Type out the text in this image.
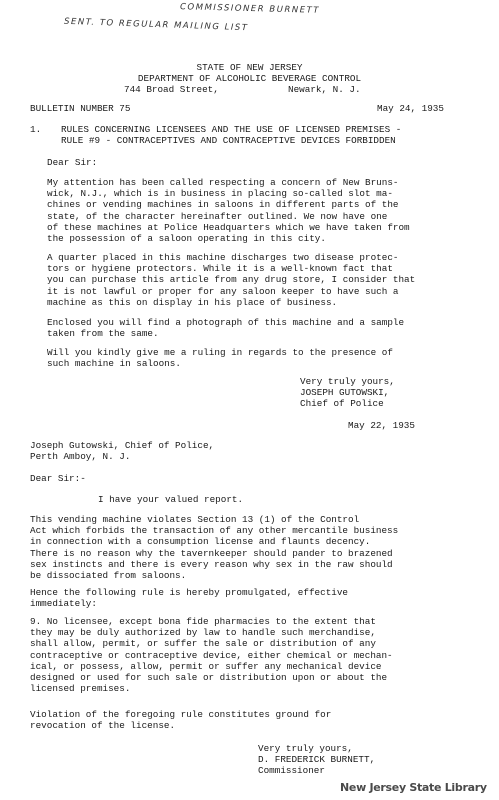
COMMISSIONER BURNETT
SENT. TO REGULAR MAILING LIST
STATE OF NEW JERSEY
DEPARTMENT OF ALCOHOLIC BEVERAGE CONTROL
744 Broad Street,	Newark, N. J.
BULLETIN NUMBER 75	May 24, 1935
1. RULES CONCERNING LICENSEES AND THE USE OF LICENSED PREMISES -
RULE #9 - CONTRACEPTIVES AND CONTRACEPTIVE DEVICES FORBIDDEN
Dear Sir:
My attention has been called respecting a concern of New Bruns-
wick, N.J., which is in business in placing so-called slot ma-
chines or vending machines in saloons in different parts of the
state, of the character hereinafter outlined. We now have one
of these machines at Police Headquarters which we have taken from
the possession of a saloon operating in this city.
A quarter placed in this machine discharges two disease protec-
tors or hygiene protectors. While it is a well-known fact that
you can purchase this article from any drug store, I consider that
it is not lawful or proper for any saloon keeper to have such a
machine as this on display in his place of business.
Enclosed you will find a photograph of this machine and a sample
taken from the same.
Will you kindly give me a ruling in regards to the presence of
such machine in saloons.
Very truly yours,
JOSEPH GUTOWSKI,
Chief of Police
May 22, 1935
Joseph Gutowski, Chief of Police,
Perth Amboy, N. J.
Dear Sir:-
I have your valued report.
This vending machine violates Section 13 (1) of the Control
Act which forbids the transaction of any other mercantile business
in connection with a consumption license and flaunts decency.
There is no reason why the tavernkeeper should pander to brazened
sex instincts and there is every reason why sex in the raw should
be dissociated from saloons.
Hence the following rule is hereby promulgated, effective
immediately:
9. No licensee, except bona fide pharmacies to the extent that
they may be duly authorized by law to handle such merchandise,
shall allow, permit, or suffer the sale or distribution of any
contraceptive or contraceptive device, either chemical or mechan-
ical, or possess, allow, permit or suffer any mechanical device
designed or used for such sale or distribution upon or about the
licensed premises.
Violation of the foregoing rule constitutes ground for
revocation of the license.
Very truly yours,
D. FREDERICK BURNETT,
Commissioner
New Jersey State Library
